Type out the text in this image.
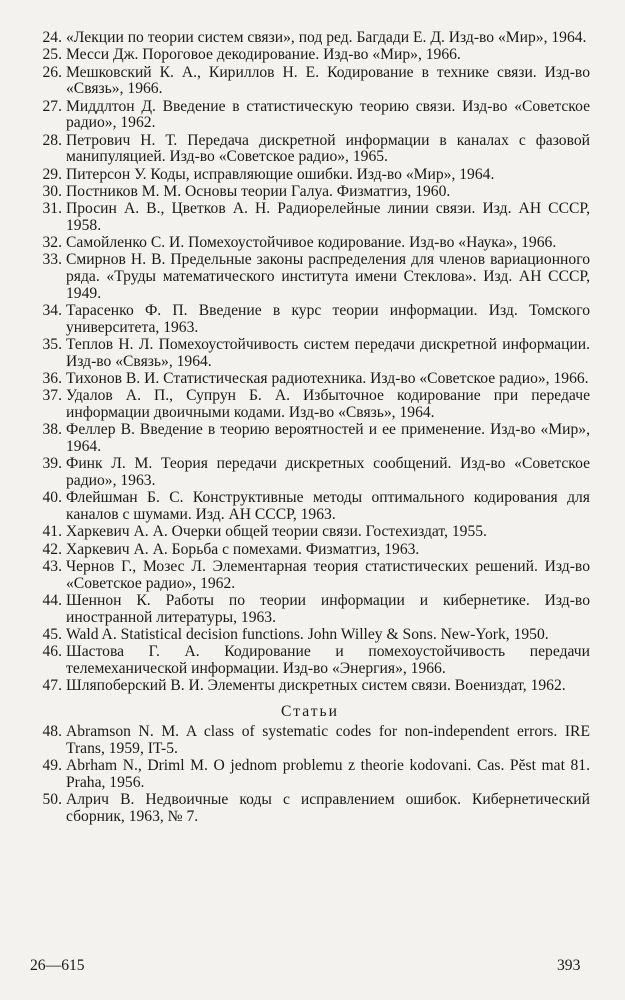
24. «Лекции по теории систем связи», под ред. Багдади Е. Д. Изд-во «Мир», 1964.
25. Месси Дж. Пороговое декодирование. Изд-во «Мир», 1966.
26. Мешковский К. А., Кириллов Н. Е. Кодирование в технике связи. Изд-во «Связь», 1966.
27. Миддлтон Д. Введение в статистическую теорию связи. Изд-во «Советское радио», 1962.
28. Петрович Н. Т. Передача дискретной информации в каналах с фазовой манипуляцией. Изд-во «Советское радио», 1965.
29. Питерсон У. Коды, исправляющие ошибки. Изд-во «Мир», 1964.
30. Постников М. М. Основы теории Галуа. Физматгиз, 1960.
31. Просин А. В., Цветков А. Н. Радиорелейные линии связи. Изд. АН СССР, 1958.
32. Самойленко С. И. Помехоустойчивое кодирование. Изд-во «Наука», 1966.
33. Смирнов Н. В. Предельные законы распределения для членов вариационного ряда. «Труды математического института имени Стеклова». Изд. АН СССР, 1949.
34. Тарасенко Ф. П. Введение в курс теории информации. Изд. Томского университета, 1963.
35. Теплов Н. Л. Помехоустойчивость систем передачи дискретной информации. Изд-во «Связь», 1964.
36. Тихонов В. И. Статистическая радиотехника. Изд-во «Советское радио», 1966.
37. Удалов А. П., Супрун Б. А. Избыточное кодирование при передаче информации двоичными кодами. Изд-во «Связь», 1964.
38. Феллер В. Введение в теорию вероятностей и ее применение. Изд-во «Мир», 1964.
39. Финк Л. М. Теория передачи дискретных сообщений. Изд-во «Советское радио», 1963.
40. Флейшман Б. С. Конструктивные методы оптимального кодирования для каналов с шумами. Изд. АН СССР, 1963.
41. Харкевич А. А. Очерки общей теории связи. Гостехиздат, 1955.
42. Харкевич А. А. Борьба с помехами. Физматгиз, 1963.
43. Чернов Г., Мозес Л. Элементарная теория статистических решений. Изд-во «Советское радио», 1962.
44. Шеннон К. Работы по теории информации и кибернетике. Изд-во иностранной литературы, 1963.
45. Wald A. Statistical decision functions. John Willey & Sons. New-York, 1950.
46. Шастова Г. А. Кодирование и помехоустойчивость передачи телемеханической информации. Изд-во «Энергия», 1966.
47. Шляпоберский В. И. Элементы дискретных систем связи. Воениздат, 1962.
Статьи
48. Abramson N. M. A class of systematic codes for non-independent errors. IRE Trans, 1959, IT-5.
49. Abrham N., Driml M. O jednom problemu z theorie kodovani. Cas. Pĕst mat 81. Praha, 1956.
50. Алрич В. Недвоичные коды с исправлением ошибок. Кибернетический сборник, 1963, № 7.
26—615	393
